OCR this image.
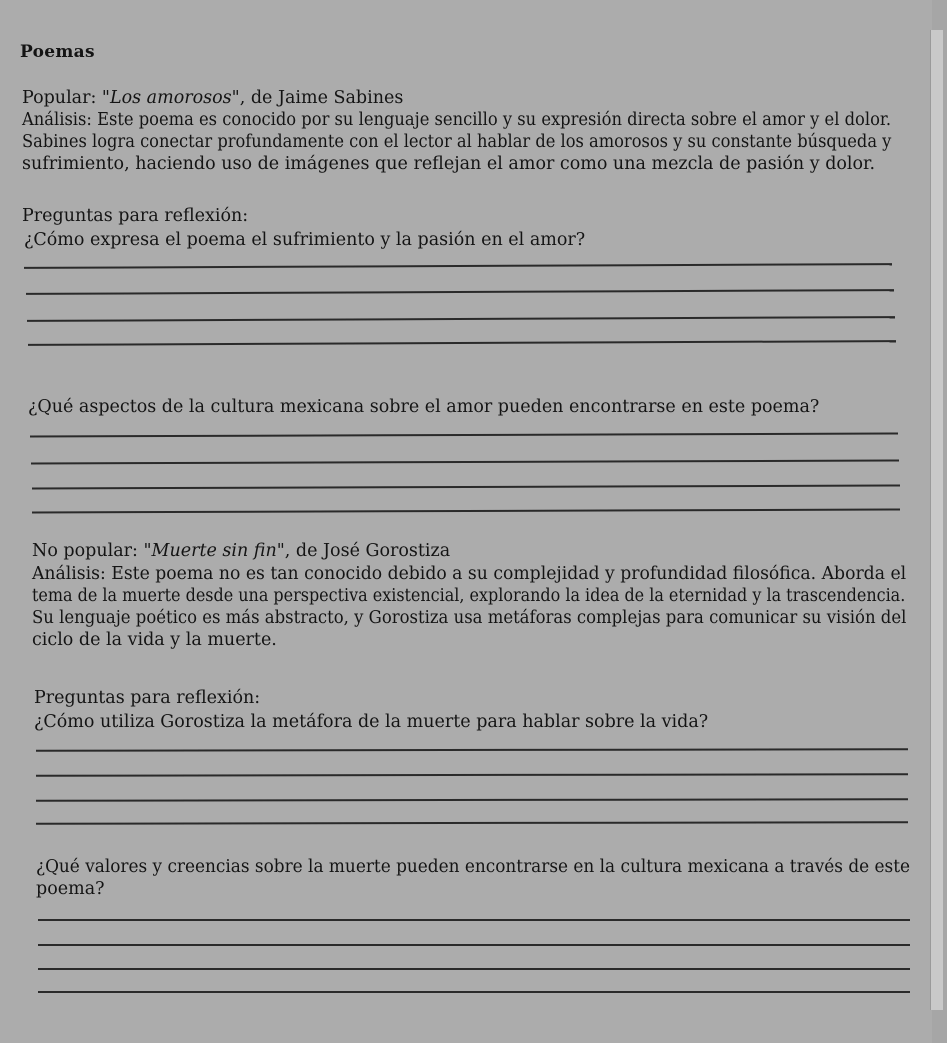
Poemas
Popular: "Los amorosos", de Jaime Sabines
Análisis: Este poema es conocido por su lenguaje sencillo y su expresión directa sobre el amor y el dolor.
Sabines logra conectar profundamente con el lector al hablar de los amorosos y su constante búsqueda y
sufrimiento, haciendo uso de imágenes que reflejan el amor como una mezcla de pasión y dolor.
Preguntas para reflexión:
¿Cómo expresa el poema el sufrimiento y la pasión en el amor?
¿Qué aspectos de la cultura mexicana sobre el amor pueden encontrarse en este poema?
No popular: "Muerte sin fin", de José Gorostiza
Análisis: Este poema no es tan conocido debido a su complejidad y profundidad filosófica. Aborda el
tema de la muerte desde una perspectiva existencial, explorando la idea de la eternidad y la trascendencia.
Su lenguaje poético es más abstracto, y Gorostiza usa metáforas complejas para comunicar su visión del
ciclo de la vida y la muerte.
Preguntas para reflexión:
¿Cómo utiliza Gorostiza la metáfora de la muerte para hablar sobre la vida?
¿Qué valores y creencias sobre la muerte pueden encontrarse en la cultura mexicana a través de este
poema?
